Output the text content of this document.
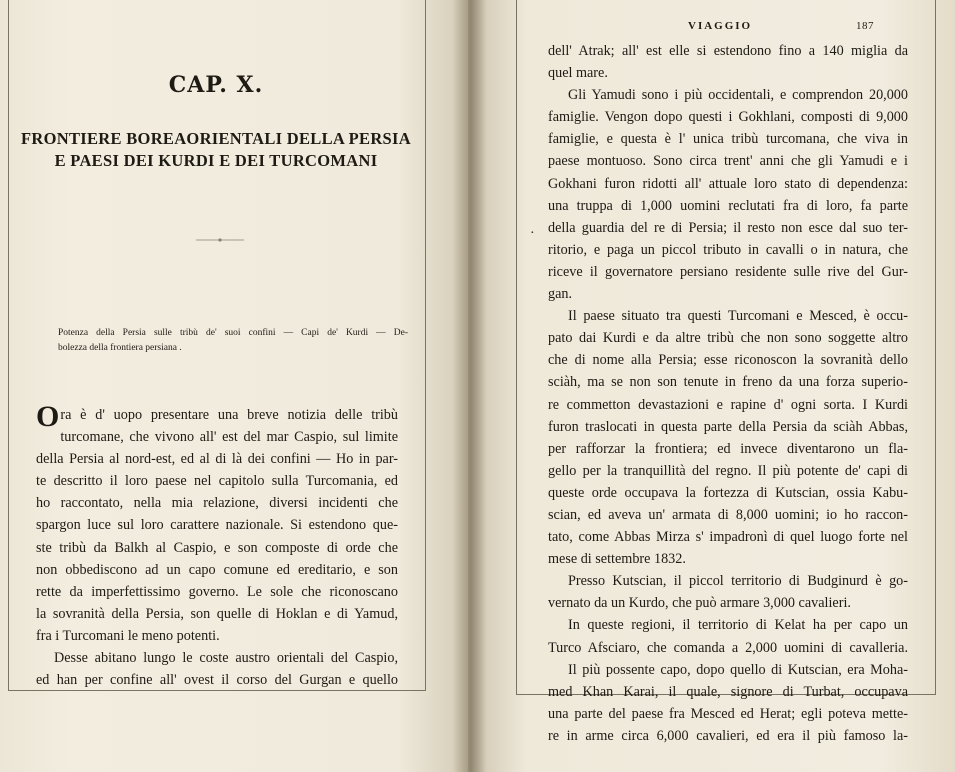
CAP. X.
FRONTIERE BOREAORIENTALI DELLA PERSIA
E PAESI DEI KURDI E DEI TURCOMANI
Potenza della Persia sulle tribù de' suoi confini — Capi de' Kurdi — De-
bolezza della frontiera persiana .
Ora è d' uopo presentare una breve notizia delle tribù
turcomane, che vivono all' est del mar Caspio, sul limite
della Persia al nord-est, ed al di là dei confini — Ho in par-
te descritto il loro paese nel capitolo sulla Turcomania, ed
ho raccontato, nella mia relazione, diversi incidenti che
spargon luce sul loro carattere nazionale. Si estendono que-
ste tribù da Balkh al Caspio, e son composte di orde che
non obbediscono ad un capo comune ed ereditario, e son
rette da imperfettissimo governo. Le sole che riconoscano
la sovranità della Persia, son quelle di Hoklan e di Yamud,
fra i Turcomani le meno potenti.
Desse abitano lungo le coste austro orientali del Caspio,
ed han per confine all' ovest il corso del Gurgan e quello
VIAGGIO	187
dell' Atrak; all' est elle si estendono fino a 140 miglia da
quel mare.
Gli Yamudi sono i più occidentali, e comprendon 20,000
famiglie. Vengon dopo questi i Gokhlani, composti di 9,000
famiglie, e questa è l' unica tribù turcomana, che viva in
paese montuoso. Sono circa trent' anni che gli Yamudi e i
Gokhani furon ridotti all' attuale loro stato di dependenza:
una truppa di 1,000 uomini reclutati fra di loro, fa parte
della guardia del re di Persia; il resto non esce dal suo ter-
ritorio, e paga un piccol tributo in cavalli o in natura, che
riceve il governatore persiano residente sulle rive del Gur-
gan.
Il paese situato tra questi Turcomani e Mesced, è occu-
pato dai Kurdi e da altre tribù che non sono soggette altro
che di nome alla Persia; esse riconoscon la sovranità dello
sciàh, ma se non son tenute in freno da una forza superio-
re commetton devastazioni e rapine d' ogni sorta. I Kurdi
furon traslocati in questa parte della Persia da sciàh Abbas,
per rafforzar la frontiera; ed invece diventarono un fla-
gello per la tranquillità del regno. Il più potente de' capi di
queste orde occupava la fortezza di Kutscian, ossia Kabu-
scian, ed aveva un' armata di 8,000 uomini; io ho raccon-
tato, come Abbas Mirza s' impadronì di quel luogo forte nel
mese di settembre 1832.
Presso Kutscian, il piccol territorio di Budginurd è go-
vernato da un Kurdo, che può armare 3,000 cavalieri.
In queste regioni, il territorio di Kelat ha per capo un
Turco Afsciaro, che comanda a 2,000 uomini di cavalleria.
Il più possente capo, dopo quello di Kutscian, era Moha-
med Khan Karai, il quale, signore di Turbat, occupava
una parte del paese fra Mesced ed Herat; egli poteva mette-
re in arme circa 6,000 cavalieri, ed era il più famoso la-
·
